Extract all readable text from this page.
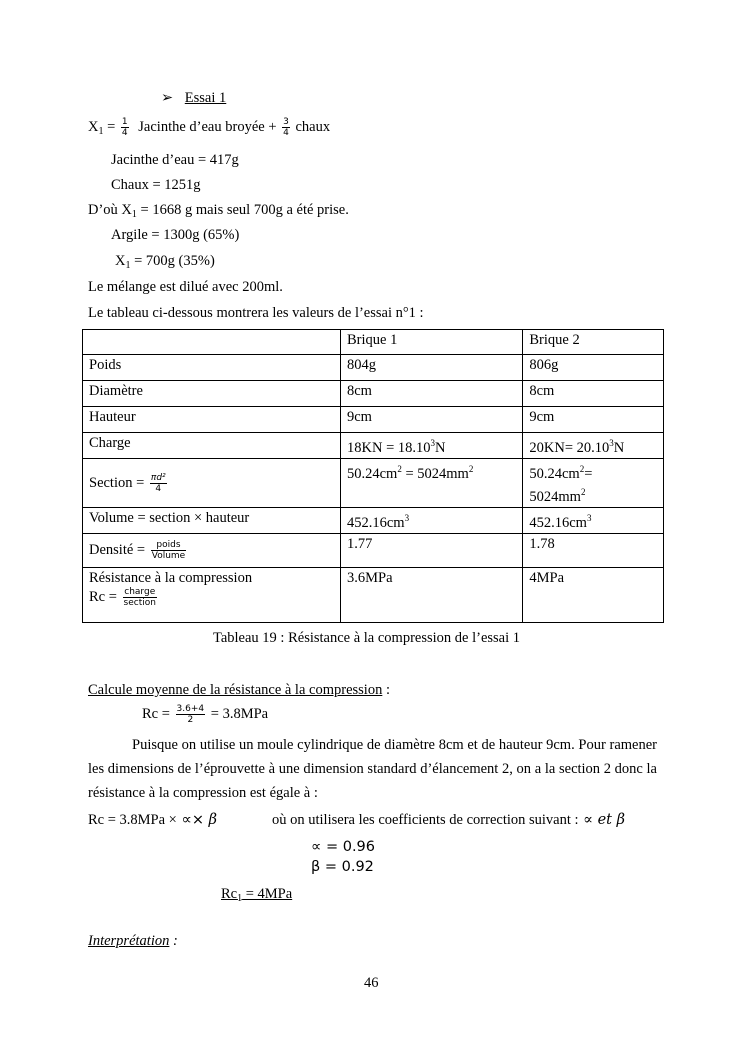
➢ Essai 1
$X_1 = \frac{1}{4}$ Jacinthe d’eau broyée + $\frac{3}{4}$ chaux
Jacinthe d’eau = 417g
Chaux = 1251g
D’où $X_1 = 1668$ g mais seul 700g a été prise.
Argile = 1300g (65%)
$X_1 = 700g$ (35%)
Le mélange est dilué avec 200ml.
Le tableau ci-dessous montrera les valeurs de l’essai n°1 :
	Brique 1	Brique 2
Poids	804g	806g
Diamètre	8cm	8cm
Hauteur	9cm	9cm
Charge	$18KN = 18.10^3N$	$20KN= 20.10^3N$
Section = $\frac{\text{πd²}}{4}$	$50.24cm^2 = 5024mm^2$	$50.24cm^2=$
$5024mm^2$
Volume = section × hauteur	$452.16cm^3$	$452.16cm^3$
Densité = $\frac{\text{poids}}{\text{Volume}}$	1.77	1.78

Résistance à la compression
$Rc = \frac{\text{charge}}{\text{section}}$	3.6MPa	4MPa
Tableau 19 : Résistance à la compression de l’essai 1
Calcule moyenne de la résistance à la compression :
$Rc = \frac{3.6+4}{2} = 3.8MPa$
Puisque on utilise un moule cylindrique de diamètre 8cm et de hauteur 9cm. Pour ramener les dimensions de l’éprouvette à une dimension standard d’élancement 2, on a la section 2 donc la résistance à la compression est égale à :
Rc = 3.8MPa × ∝× β	où on utilisera les coefficients de correction suivant : ∝ et β
∝ = 0.96
β = 0.92
$Rc_1 = 4MPa$
Interprétation :
46
